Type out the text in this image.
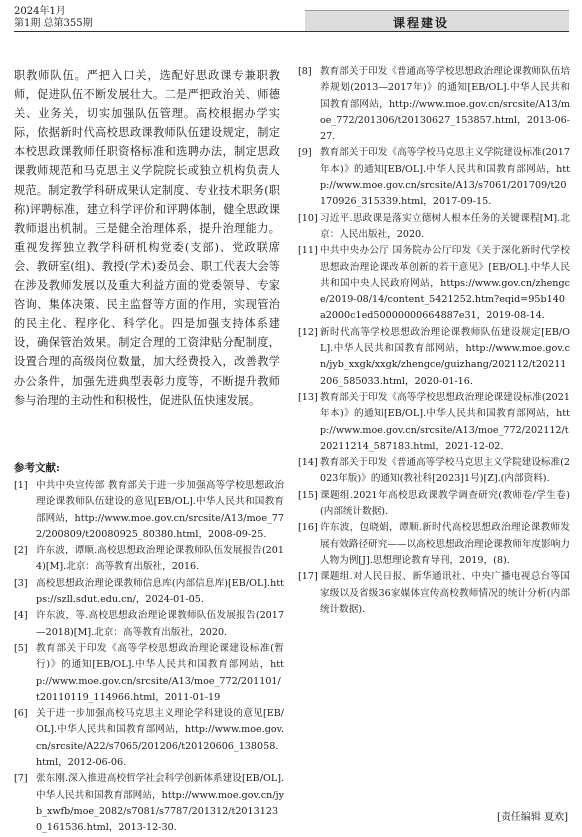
2024年1月
第1期 总第355期	课程建设

职教师队伍。严把入口关，选配好思政课专兼职教师，促进队伍不断发展壮大。二是严把政治关、师德关、业务关，切实加强队伍管理。高校根据办学实际，依据新时代高校思政课教师队伍建设规定，制定本校思政课教师任职资格标准和选聘办法，制定思政课教师规范和马克思主义学院院长或独立机构负责人规范。制定教学科研成果认定制度、专业技术职务(职称)评聘标准，建立科学评价和评聘体制，健全思政课教师退出机制。三是健全治理体系，提升治理能力。重视发挥独立教学科研机构党委(支部)、党政联席会、教研室(组)、教授(学术)委员会、职工代表大会等在涉及教师发展以及重大利益方面的党委领导、专家咨询、集体决策、民主监督等方面的作用，实现管治的民主化、程序化、科学化。四是加强支持体系建设，确保管治效果。制定合理的工资津贴分配制度，设置合理的高级岗位数量，加大经费投入，改善教学办公条件，加强先进典型表彰力度等，不断提升教师参与治理的主动性和积极性，促进队伍快速发展。

参考文献:
[1] 中共中央宣传部 教育部关于进一步加强高等学校思想政治理论课教师队伍建设的意见[EB/OL].中华人民共和国教育部网站，http://www.moe.gov.cn/srcsite/A13/moe_772/200809/t20080925_80380.html，2008-09-25.
[2] 许东波，谭顺.高校思想政治理论课教师队伍发展报告(2014)[M].北京：高等教育出版社，2016.
[3] 高校思想政治理论课教师信息库(内部信息库)[EB/OL].https://szll.sdut.edu.cn/，2024-01-05.
[4] 许东波，等.高校思想政治理论课教师队伍发展报告(2017—2018)[M].北京：高等教育出版社，2020.
[5] 教育部关于印发《高等学校思想政治理论课建设标准(暂行)》的通知[EB/OL].中华人民共和国教育部网站，http://www.moe.gov.cn/srcsite/A13/moe_772/201101/t20110119_114966.html，2011-01-19
[6] 关于进一步加强高校马克思主义理论学科建设的意见[EB/OL].中华人民共和国教育部网站，http://www.moe.gov.cn/srcsite/A22/s7065/201206/t20120606_138058.html，2012-06-06.
[7] 张东刚.深入推进高校哲学社会科学创新体系建设[EB/OL].中华人民共和国教育部网站，http://www.moe.gov.cn/jyb_xwfb/moe_2082/s7081/s7787/201312/t20131230_161536.html，2013-12-30.
[8] 教育部关于印发《普通高等学校思想政治理论课教师队伍培养规划(2013—2017年)》的通知[EB/OL].中华人民共和国教育部网站，http://www.moe.gov.cn/srcsite/A13/moe_772/201306/t20130627_153857.html，2013-06-27.
[9] 教育部关于印发《高等学校马克思主义学院建设标准(2017年本)》的通知[EB/OL].中华人民共和国教育部网站，http://www.moe.gov.cn/srcsite/A13/s7061/201709/t20170926_315339.html，2017-09-15.
[10] 习近平.思政课是落实立德树人根本任务的关键课程[M].北京：人民出版社，2020.
[11] 中共中央办公厅 国务院办公厅印发《关于深化新时代学校思想政治理论课改革创新的若干意见》[EB/OL].中华人民共和国中央人民政府网站，https://www.gov.cn/zhengce/2019-08/14/content_5421252.htm?eqid=95b140a2000c1ed50000000664887e31，2019-08-14.
[12] 新时代高等学校思想政治理论课教师队伍建设规定[EB/OL].中华人民共和国教育部网站，http://www.moe.gov.cn/jyb_xxgk/xxgk/zhengce/guizhang/202112/t20211206_585033.html，2020-01-16.
[13] 教育部关于印发《高等学校思想政治理论课建设标准(2021年本)》的通知[EB/OL].中华人民共和国教育部网站，http://www.moe.gov.cn/srcsite/A13/moe_772/202112/t20211214_587183.html，2021-12-02.
[14] 教育部关于印发《普通高等学校马克思主义学院建设标准(2023年版)》的通知(教社科[2023]1号)[Z].(内部资料).
[15] 课题组.2021年高校思政课教学调查研究(教师卷/学生卷)(内部统计数据).
[16] 许东波，包晓娟，谭顺.新时代高校思想政治理论课教师发展有效路径研究——以高校思想政治理论课教师年度影响力人物为例[J].思想理论教育导刊，2019，(8).
[17] 课题组.对人民日报、新华通讯社、中央广播电视总台等国家级以及省级36家媒体宣传高校教师情况的统计分析(内部统计数据).
[责任编辑 夏欢]
